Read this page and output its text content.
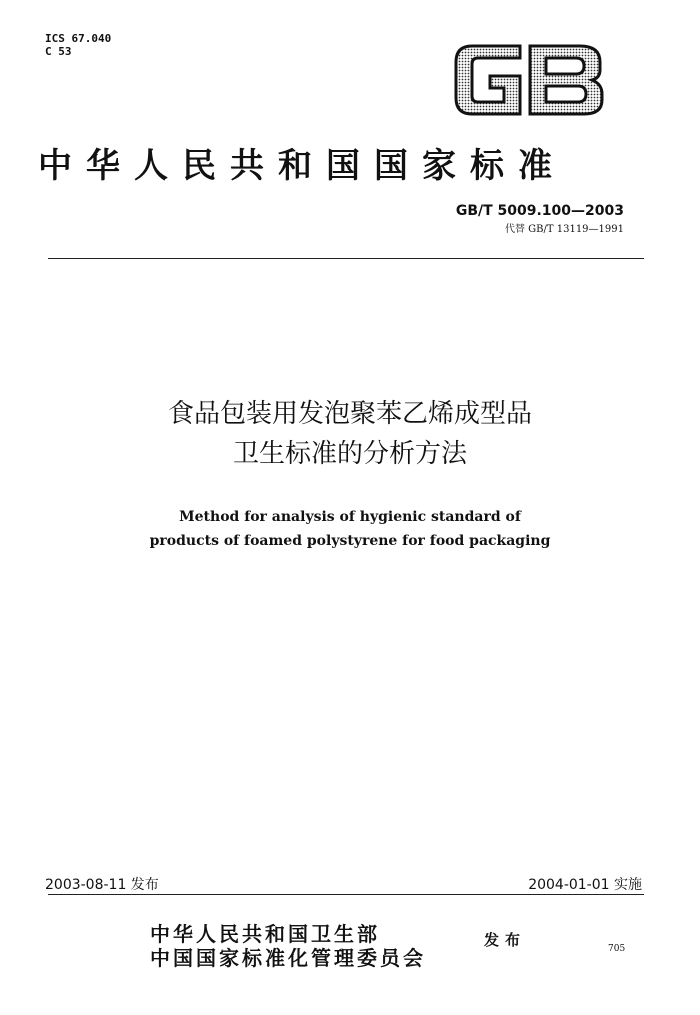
ICS 67.040
C 53
中华人民共和国国家标准
GB/T 5009.100—2003
代替 GB/T 13119—1991
食品包装用发泡聚苯乙烯成型品
卫生标准的分析方法
Method for analysis of hygienic standard of
products of foamed polystyrene for food packaging
2003-08-11 发布	2004-01-01 实施
中华人民共和国卫生部
中国国家标准化管理委员会
发布	705
